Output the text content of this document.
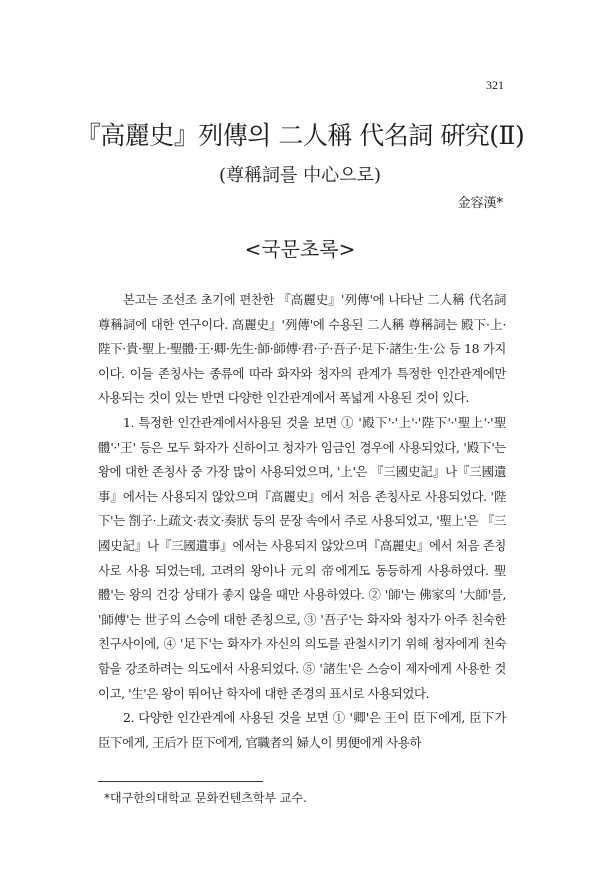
321
『高麗史』列傳의 二人稱 代名詞 硏究(Ⅱ)
(尊稱詞를 中心으로)
金容漢*
<국문초록>

본고는 조선조 초기에 편찬한 『高麗史』'列傳'에 나타난 二人稱 代名詞 尊稱詞에 대한 연구이다. 高麗史』'列傳'에 수용된 二人稱 尊稱詞는 殿下·上·陛下·貴·聖上·聖體·王·卿·先生·師·師傅·君·子·吾子·足下·諸生·生·公 등 18 가지이다. 이들 존칭사는 종류에 따라 화자와 청자의 관계가 특정한 인간관계에만 사용되는 것이 있는 반면 다양한 인간관계에서 폭넓게 사용된 것이 있다.

1. 특정한 인간관계에서사용된 것을 보면 ① '殿下'·'上'·'陛下'·'聖上'·'聖體'·'王' 등은 모두 화자가 신하이고 청자가 임금인 경우에 사용되었다, '殿下'는 왕에 대한 존칭사 중 가장 많이 사용되었으며, '上'은 『三國史記』나『三國遺事』에서는 사용되지 않았으며『高麗史』에서 처음 존칭사로 사용되었다. '陛下'는 劄子·上疏文·表文·奏狀 등의 문장 속에서 주로 사용되었고, '聖上'은 『三國史記』나『三國遺事』에서는 사용되지 않았으며『高麗史』에서 처음 존칭사로 사용 되었는데, 고려의 왕이나 元의 帝에게도 동등하게 사용하였다. 聖體'는 왕의 건강 상태가 좋지 않을 때만 사용하였다. ② '師'는 佛家의 '大師'를, '師傅'는 世子의 스승에 대한 존칭으로, ③ '吾子'는 화자와 청자가 아주 친숙한 친구사이에, ④ '足下'는 화자가 자신의 의도를 관철시키기 위해 청자에게 친숙함을 강조하려는 의도에서 사용되었다. ⑤ '諸生'은 스승이 제자에게 사용한 것이고, '生'은 왕이 뛰어난 학자에 대한 존경의 표시로 사용되었다.

2. 다양한 인간관계에 사용된 것을 보면 ① '卿'은 王이 臣下에게, 臣下가 臣下에게, 王后가 臣下에게, 官職者의 婦人이 男便에게 사용하

*대구한의대학교 문화컨텐츠학부 교수.
